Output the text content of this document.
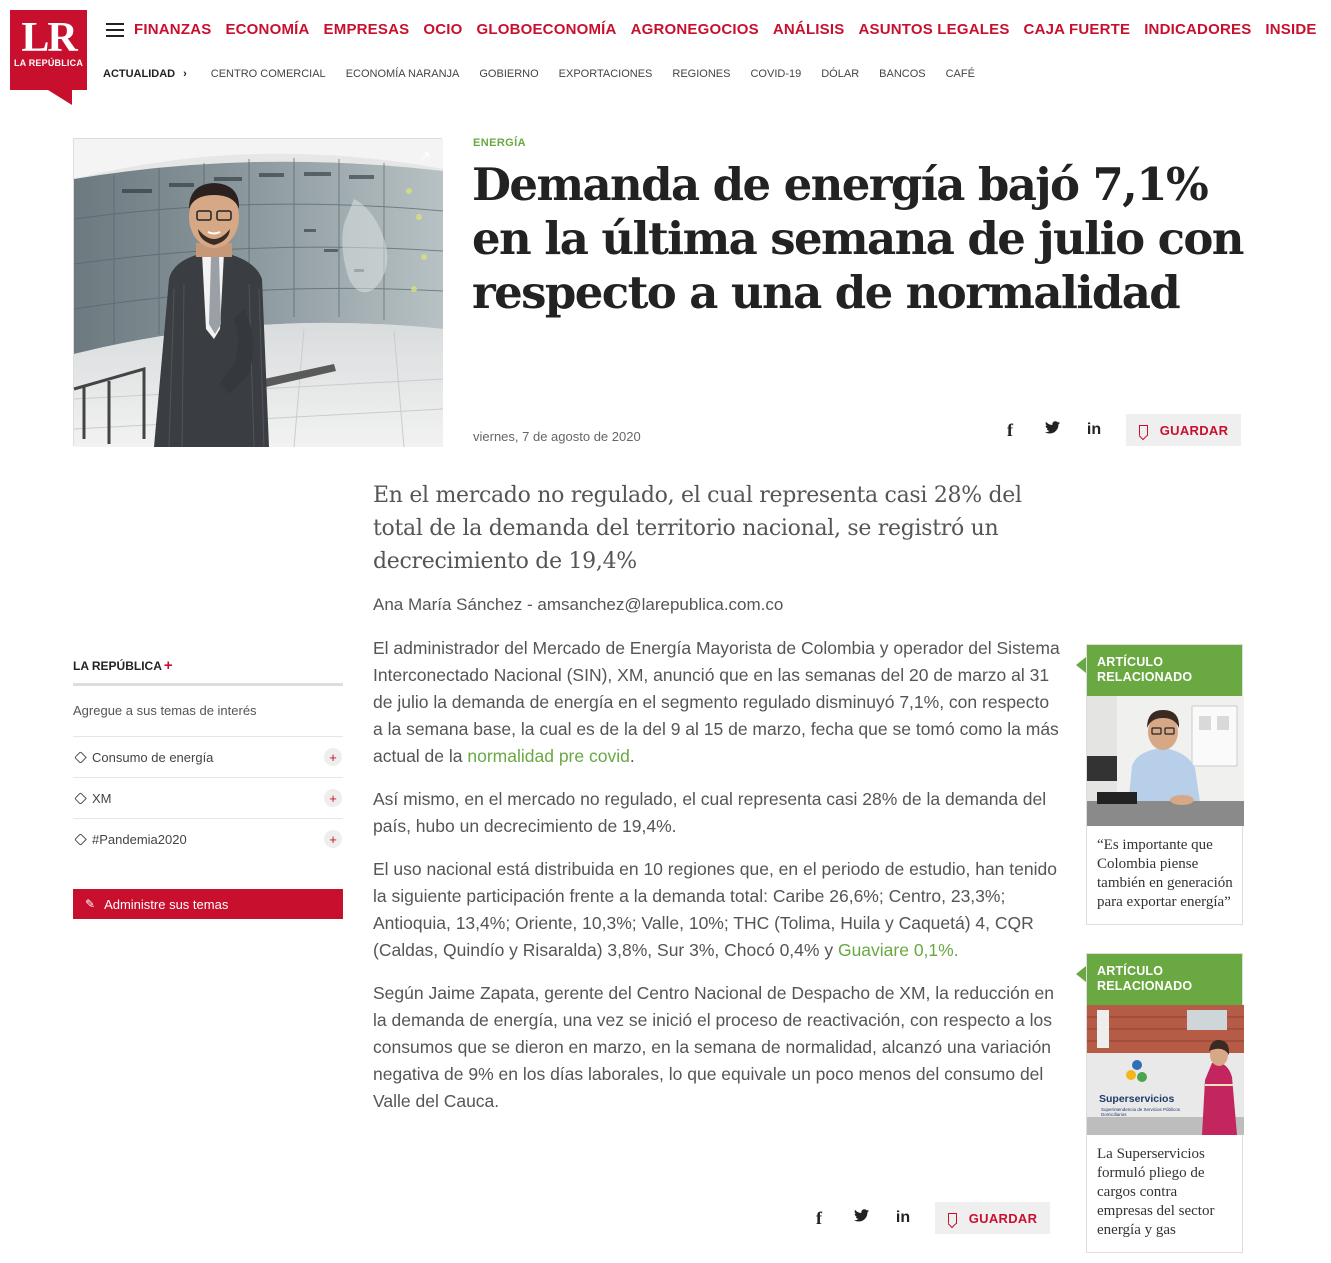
LR
LA REPÚBLICA
FINANZAS ECONOMÍA EMPRESAS OCIO GLOBOECONOMÍA AGRONEGOCIOS ANÁLISIS ASUNTOS LEGALES CAJA FUERTE INDICADORES INSIDE
ACTUALIDAD › CENTRO COMERCIAL ECONOMÍA NARANJA GOBIERNO EXPORTACIONES REGIONES COVID-19 DÓLAR BANCOS CAFÉ
↗
ENERGÍA
Demanda de energía bajó 7,1% en la última semana de julio con respecto a una de normalidad
viernes, 7 de agosto de 2020	f	in	GUARDAR

En el mercado no regulado, el cual representa casi 28% del total de la demanda del territorio nacional, se registró un decrecimiento de 19,4%

Ana María Sánchez - amsanchez@larepublica.com.co

El administrador del Mercado de Energía Mayorista de Colombia y operador del Sistema Interconectado Nacional (SIN), XM, anunció que en las semanas del 20 de marzo al 31 de julio la demanda de energía en el segmento regulado disminuyó 7,1%, con respecto a la semana base, la cual es de la del 9 al 15 de marzo, fecha que se tomó como la más actual de la normalidad pre covid.

Así mismo, en el mercado no regulado, el cual representa casi 28% de la demanda del país, hubo un decrecimiento de 19,4%.

El uso nacional está distribuida en 10 regiones que, en el periodo de estudio, han tenido la siguiente participación frente a la demanda total: Caribe 26,6%; Centro, 23,3%; Antioquia, 13,4%; Oriente, 10,3%; Valle, 10%; THC (Tolima, Huila y Caquetá) 4, CQR (Caldas, Quindío y Risaralda) 3,8%, Sur 3%, Chocó 0,4% y Guaviare 0,1%.

Según Jaime Zapata, gerente del Centro Nacional de Despacho de XM, la reducción en la demanda de energía, una vez se inició el proceso de reactivación, con respecto a los consumos que se dieron en marzo, en la semana de normalidad, alcanzó una variación negativa de 9% en los días laborales, lo que equivale un poco menos del consumo del Valle del Cauca.

f	in	GUARDAR
LA REPÚBLICA +
Agregue a sus temas de interés
Consumo de energía	+
XM	+
#Pandemia2020	+
✎ Administre sus temas
ARTÍCULO RELACIONADO
“Es importante que Colombia piense también en generación para exportar energía”
ARTÍCULO RELACIONADO
Superservicios
Superintendencia de Servicios Públicos Domiciliarios
La Superservicios formuló pliego de cargos contra empresas del sector energía y gas
